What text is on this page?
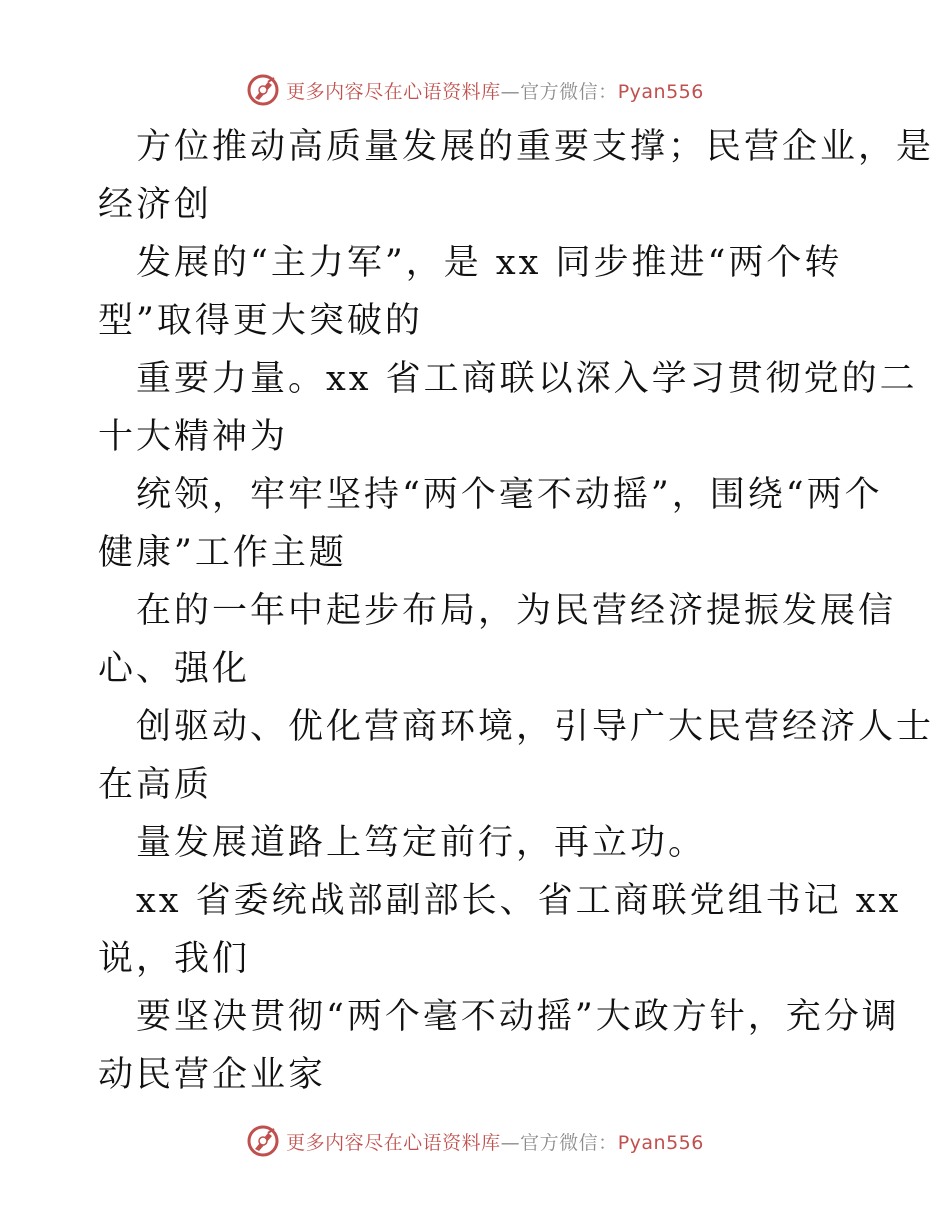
更多内容尽在心语资料库—官方微信：Pyan556
方位推动高质量发展的重要支撑；民营企业，是
经济创
发展的“主力军”，是 xx 同步推进“两个转
型”取得更大突破的
重要力量。xx 省工商联以深入学习贯彻党的二
十大精神为
统领，牢牢坚持“两个毫不动摇”，围绕“两个
健康”工作主题
在的一年中起步布局，为民营经济提振发展信
心、强化
创驱动、优化营商环境，引导广大民营经济人士
在高质
量发展道路上笃定前行，再立功。
xx 省委统战部副部长、省工商联党组书记 xx
说，我们
要坚决贯彻“两个毫不动摇”大政方针，充分调
动民营企业家
更多内容尽在心语资料库—官方微信：Pyan556
